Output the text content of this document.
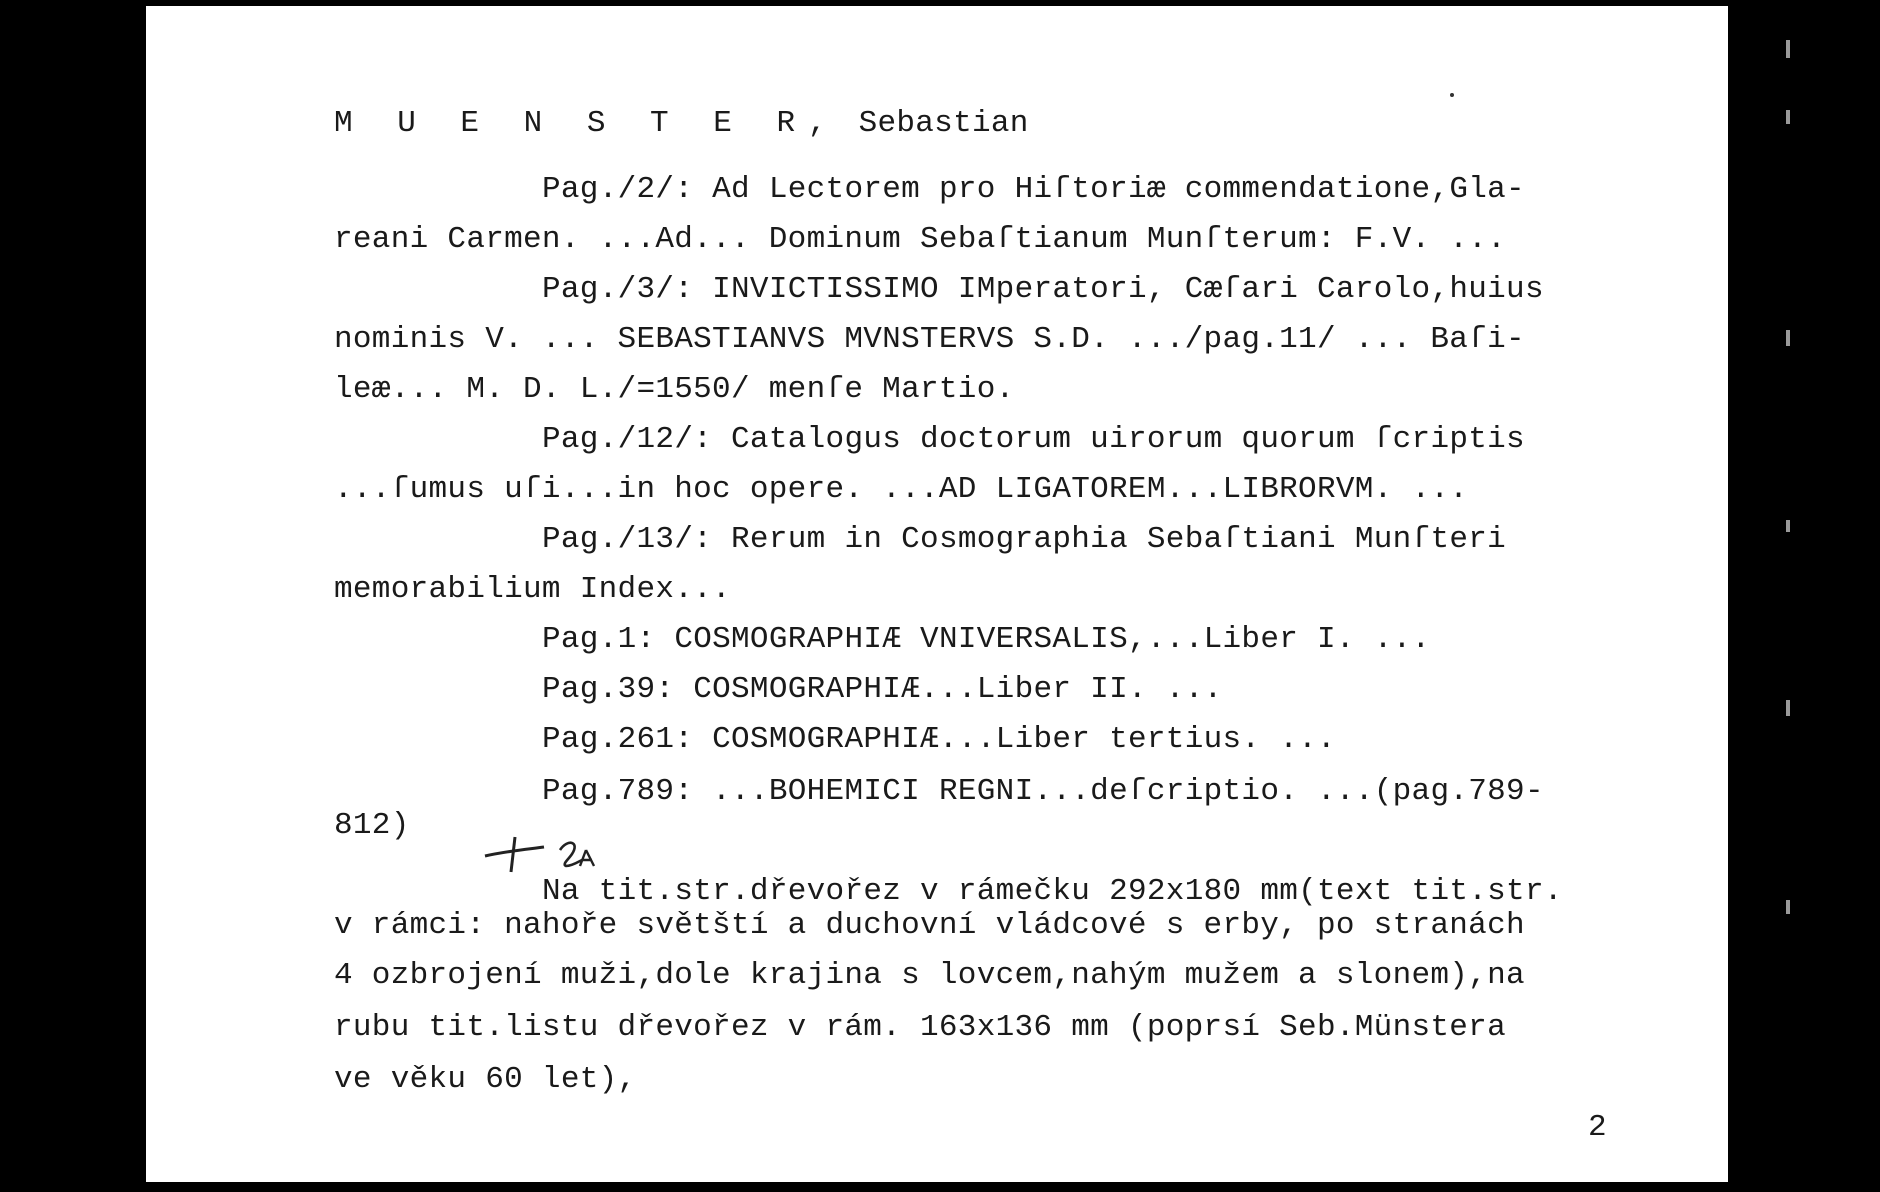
M U E N S T E R, Sebastian
Pag./2/: Ad Lectorem pro Hiſtoriæ commendatione,Gla-
reani Carmen. ...Ad... Dominum Sebaſtianum Munſterum: F.V. ...
Pag./3/: INVICTISSIMO IMperatori, Cæſari Carolo,huius
nominis V. ... SEBASTIANVS MVNSTERVS S.D. .../pag.11/ ... Baſi-
leæ... M. D. L./=1550/ menſe Martio.
Pag./12/: Catalogus doctorum uirorum quorum ſcriptis
...ſumus uſi...in hoc opere. ...AD LIGATOREM...LIBRORVM. ...
Pag./13/: Rerum in Cosmographia Sebaſtiani Munſteri
memorabilium Index...
Pag.1: COSMOGRAPHIÆ VNIVERSALIS,...Liber I. ...
Pag.39: COSMOGRAPHIÆ...Liber II. ...
Pag.261: COSMOGRAPHIÆ...Liber tertius. ...
Pag.789: ...BOHEMICI REGNI...deſcriptio. ...(pag.789-
812)
Na tit.str.dřevořez v rámečku 292x180 mm(text tit.str.
v rámci: nahoře světští a duchovní vládcové s erby, po stranách
4 ozbrojení muži,dole krajina s lovcem,nahým mužem a slonem),na
rubu tit.listu dřevořez v rám. 163x136 mm (poprsí Seb.Münstera
ve věku 60 let),
2
